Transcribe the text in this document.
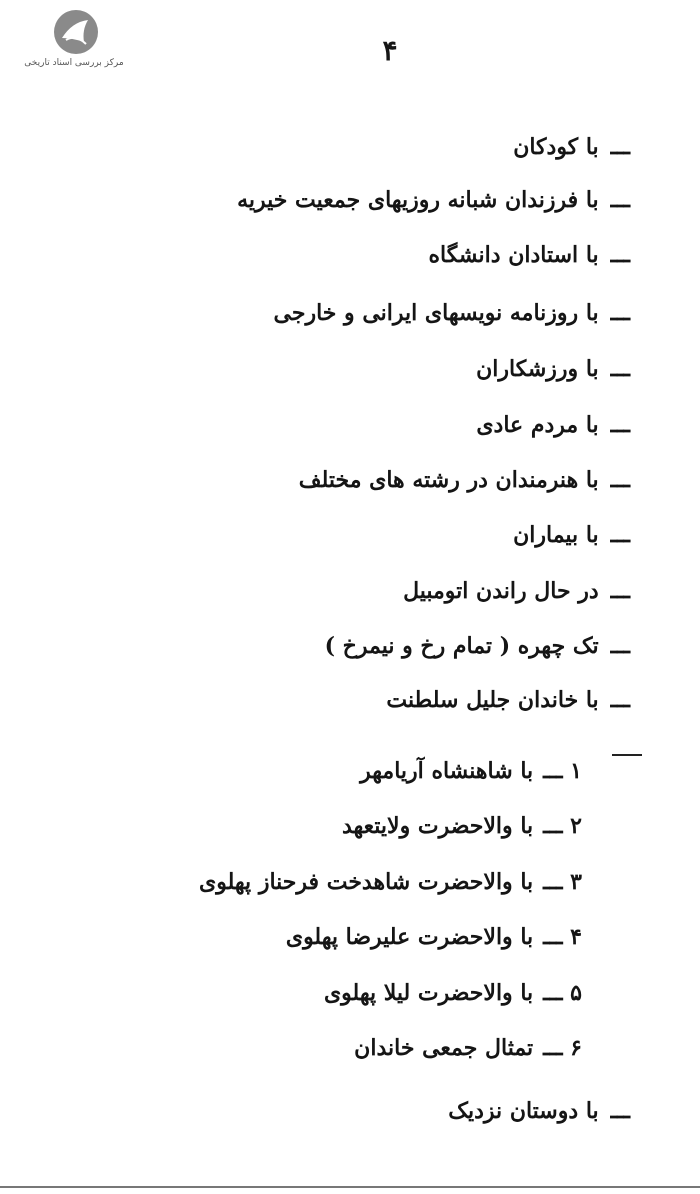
مرکز بررسی اسناد تاریخی	۴
ـــبا کودکان
ـــبا فرزندان شبانه روزیهای جمعیت خیریه
ـــبا استادان دانشگاه
ـــبا روزنامه نویسهای ایرانی و خارجی
ـــبا ورزشکاران
ـــبا مردم عادی
ـــبا هنرمندان در رشته های مختلف
ـــبا بیماران
ـــدر حال راندن اتومبیل
ـــتک چهره ( تمام رخ و نیمرخ )
ـــبا خاندان جلیل سلطنت
۱ ـــبا شاهنشاه آریامهر
۲ ـــبا والاحضرت ولایتعهد
۳ ـــبا والاحضرت شاهدخت فرحناز پهلوی
۴ ـــبا والاحضرت علیرضا پهلوی
۵ ـــبا والاحضرت لیلا پهلوی
۶ ـــتمثال جمعی خاندان
ـــبا دوستان نزدیک
